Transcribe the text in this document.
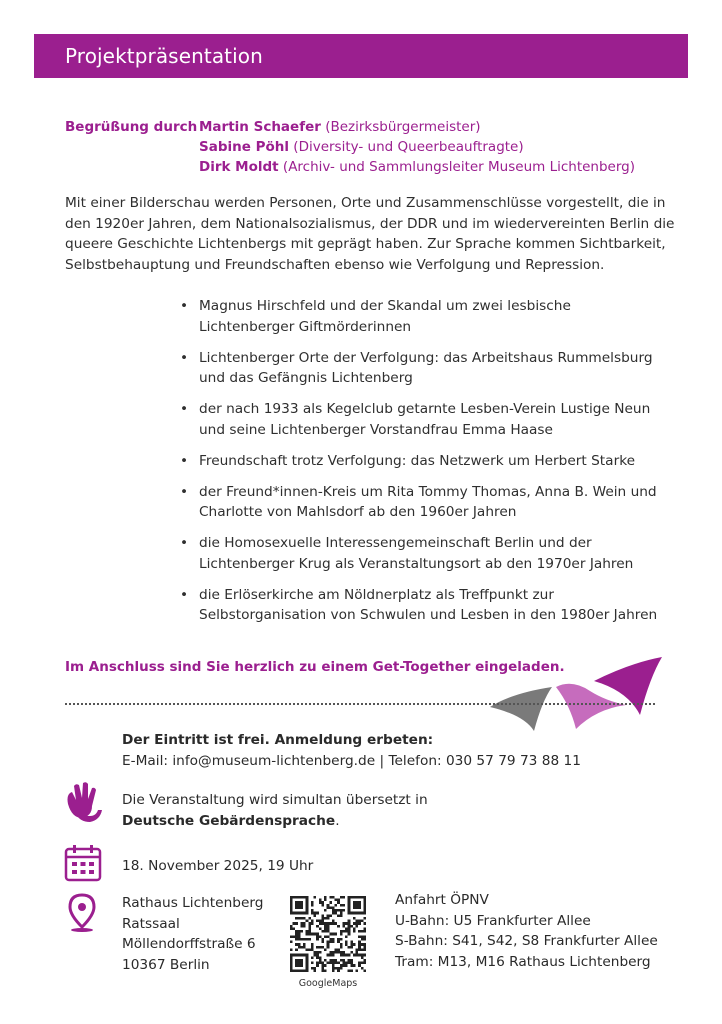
Projektpräsentation
Begrüßung durch Martin Schaefer (Bezirksbürgermeister)
Sabine Pöhl (Diversity- und Queerbeauftragte)
Dirk Moldt (Archiv- und Sammlungsleiter Museum Lichtenberg)

Mit einer Bilderschau werden Personen, Orte und Zusammenschlüsse vorgestellt, die in den 1920er Jahren, dem Nationalsozialismus, der DDR und im wiedervereinten Berlin die queere Geschichte Lichtenbergs mit geprägt haben. Zur Sprache kommen Sichtbarkeit, Selbstbehauptung und Freundschaften ebenso wie Verfolgung und Repression.

• Magnus Hirschfeld und der Skandal um zwei lesbische Lichtenberger Giftmörderinnen
• Lichtenberger Orte der Verfolgung: das Arbeitshaus Rummelsburg und das Gefängnis Lichtenberg
• der nach 1933 als Kegelclub getarnte Lesben-Verein Lustige Neun und seine Lichtenberger Vorstandfrau Emma Haase
• Freundschaft trotz Verfolgung: das Netzwerk um Herbert Starke
• der Freund*innen-Kreis um Rita Tommy Thomas, Anna B. Wein und Charlotte von Mahlsdorf ab den 1960er Jahren
• die Homosexuelle Interessengemeinschaft Berlin und der Lichtenberger Krug als Veranstaltungsort ab den 1970er Jahren
• die Erlöserkirche am Nöldnerplatz als Treffpunkt zur Selbstorganisation von Schwulen und Lesben in den 1980er Jahren
Im Anschluss sind Sie herzlich zu einem Get-Together eingeladen.
Der Eintritt ist frei. Anmeldung erbeten:
E-Mail: info@museum-lichtenberg.de | Telefon: 030 57 79 73 88 11
Die Veranstaltung wird simultan übersetzt in
Deutsche Gebärdensprache.
18. November 2025, 19 Uhr
Rathaus Lichtenberg
Ratssaal
Möllendorffstraße 6
10367 Berlin
GoogleMaps
Anfahrt ÖPNV
U-Bahn: U5 Frankfurter Allee
S-Bahn: S41, S42, S8 Frankfurter Allee
Tram: M13, M16 Rathaus Lichtenberg
